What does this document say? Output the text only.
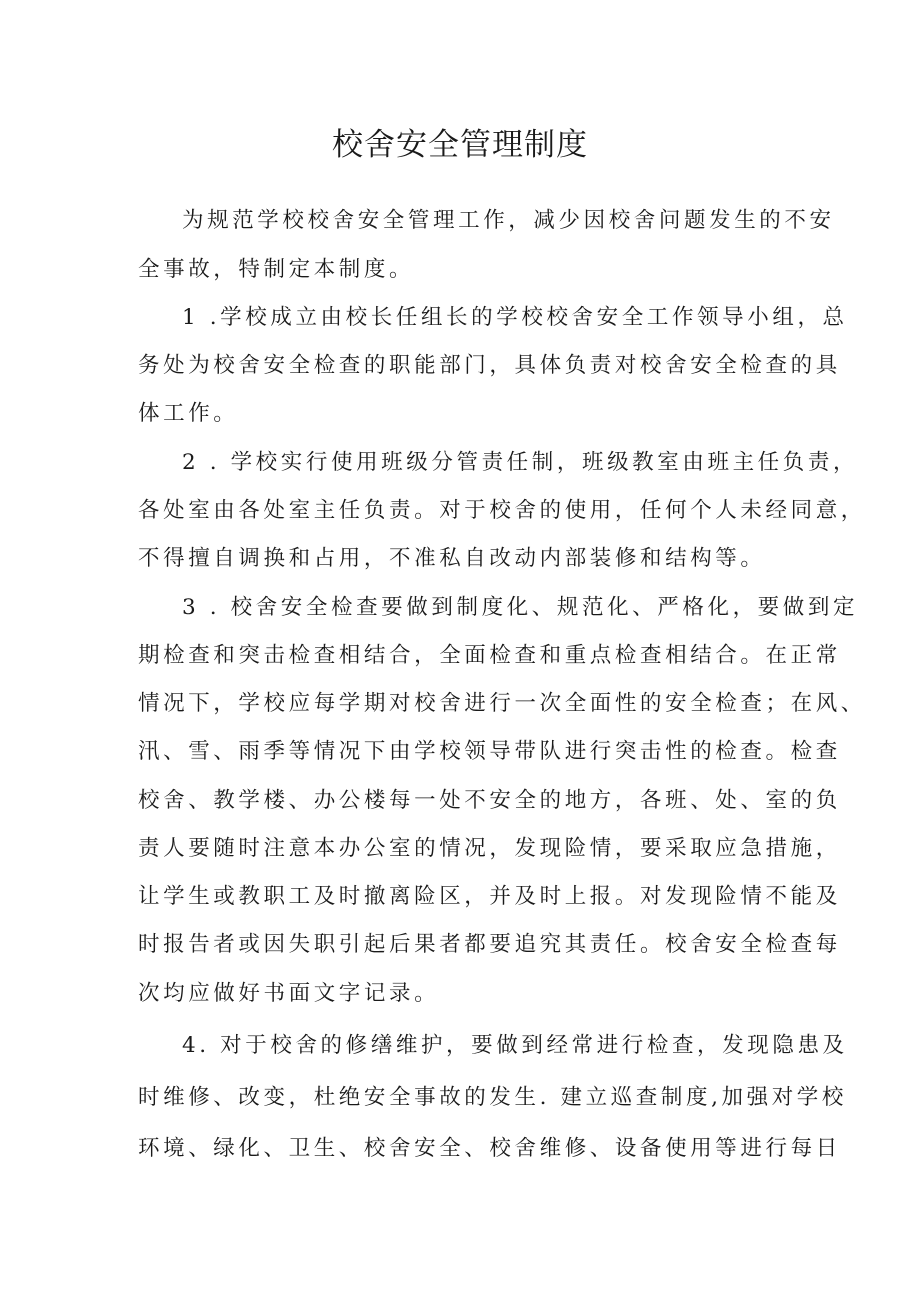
校舍安全管理制度

为规范学校校舍安全管理工作，减少因校舍问题发生的不安

全事故，特制定本制度。

1 .学校成立由校长任组长的学校校舍安全工作领导小组，总

务处为校舍安全检查的职能部门，具体负责对校舍安全检查的具

体工作。

2 . 学校实行使用班级分管责任制，班级教室由班主任负责，

各处室由各处室主任负责。对于校舍的使用，任何个人未经同意，

不得擅自调换和占用，不准私自改动内部装修和结构等。

3 . 校舍安全检查要做到制度化、规范化、严格化，要做到定

期检查和突击检查相结合，全面检查和重点检查相结合。在正常

情况下，学校应每学期对校舍进行一次全面性的安全检查；在风、

汛、雪、雨季等情况下由学校领导带队进行突击性的检查。检查

校舍、教学楼、办公楼每一处不安全的地方，各班、处、室的负

责人要随时注意本办公室的情况，发现险情，要采取应急措施，

让学生或教职工及时撤离险区，并及时上报。对发现险情不能及

时报告者或因失职引起后果者都要追究其责任。校舍安全检查每

次均应做好书面文字记录。

4. 对于校舍的修缮维护，要做到经常进行检查，发现隐患及

时维修、改变，杜绝安全事故的发生. 建立巡查制度,加强对学校

环境、绿化、卫生、校舍安全、校舍维修、设备使用等进行每日
